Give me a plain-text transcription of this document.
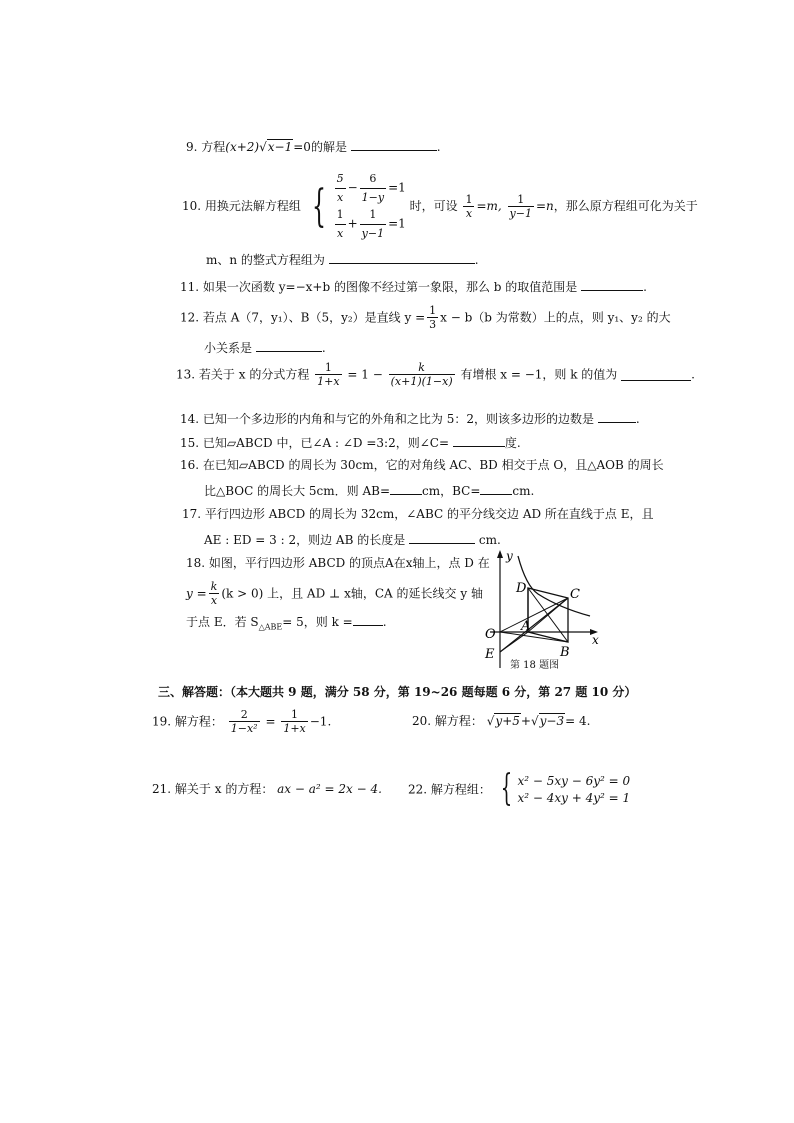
9. 方程(x+2)√x−1=0的解是	.
10. 用换元法解方程组 { $\frac{5}{x} - \frac{6}{1-y} =1$
$\frac{1}{x} + \frac{1}{y-1} =1$
时，可设 $\frac{1}{x} =m$, $\frac{1}{y-1} =n$，那么原方程组可化为关于
m、n 的整式方程组为	.
11. 如果一次函数 y=−x+b 的图像不经过第一象限，那么 b 的取值范围是	.
12. 若点 A（7，y₁）、B（5，y₂）是直线 $y = \frac{1}{3}$ x − b（b 为常数）上的点，则 y₁、y₂ 的大
小关系是	.
13. 若关于 x 的分式方程 $\frac{1}{1+x} = 1 - \frac{k}{(x+1)(1-x)}$ 有增根 x = −1，则 k 的值为	.
14. 已知一个多边形的内角和与它的外角和之比为 5：2，则该多边形的边数是	.
15. 已知▱ABCD 中，已∠A : ∠D =3:2，则∠C=	度.
16. 在已知▱ABCD 的周长为 30cm，它的对角线 AC、BD 相交于点 O，且△AOB 的周长
比△BOC 的周长大 5cm．则 AB=	cm，BC=	cm.
17. 平行四边形 ABCD 的周长为 32cm，∠ABC 的平分线交边 AD 所在直线于点 E，且
AE : ED = 3 : 2，则边 AB 的长度是	cm.
18. 如图，平行四边形 ABCD 的顶点A在x轴上，点 D 在
$y = \frac{k}{x} (k > 0)$ 上，且 AD ⊥ x轴，CA 的延长线交 y 轴
于点 E．若 $S_{\triangle ABE}= 5$，则 k =	.
y
x
D	C
A
O
E	B
第 18 题图
三、解答题：（本大题共 9 题，满分 58 分，第 19~26 题每题 6 分，第 27 题 10 分）
19. 解方程： $\frac{2}{\text{1−x²}} = \frac{1}{1+x} -1$.	20. 解方程： √y+5+√y−3= 4.
21. 解关于 x 的方程： ax − a² = 2x − 4. 22. 解方程组： { x² − 5xy − 6y² = 0
x² − 4xy + 4y² = 1
